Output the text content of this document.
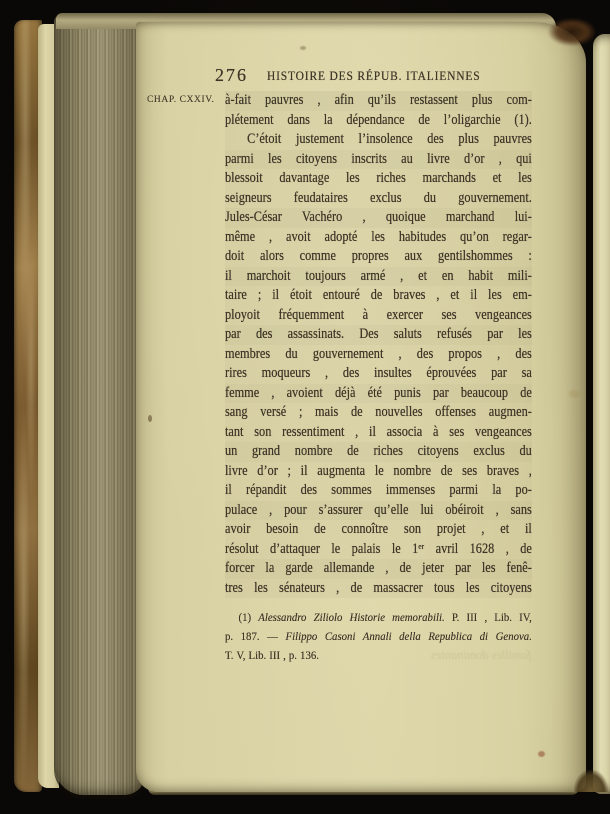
276 HISTOIRE DES RÉPUB. ITALIENNES
CHAP. CXXIV. à-fait pauvres , afin qu’ils restassent plus com-
plétement dans la dépendance de l’oligarchie (1).
C’étoit justement l’insolence des plus pauvres
parmi les citoyens inscrits au livre d’or , qui
blessoit davantage les riches marchands et les
seigneurs feudataires exclus du gouvernement.
Jules-César Vachéro , quoique marchand lui-
même , avoit adopté les habitudes qu’on regar-
doit alors comme propres aux gentilshommes :
il marchoit toujours armé , et en habit mili-
taire ; il étoit entouré de braves , et il les em-
ployoit fréquemment à exercer ses vengeances
par des assassinats. Des saluts refusés par les
membres du gouvernement , des propos , des
rires moqueurs , des insultes éprouvées par sa
femme , avoient déjà été punis par beaucoup de
sang versé ; mais de nouvelles offenses augmen-
tant son ressentiment , il associa à ses vengeances
un grand nombre de riches citoyens exclus du
livre d’or ; il augmenta le nombre de ses braves ,
il répandit des sommes immenses parmi la po-
pulace , pour s’assurer qu’elle lui obéiroit , sans
avoir besoin de connoître son projet , et il
résolut d’attaquer le palais le 1ᵉʳ avril 1628 , de
forcer la garde allemande , de jeter par les fenê-
tres les sénateurs , de massacrer tous les citoyens
(1) Alessandro Ziliolo Historie memorabili. P. III , Lib. IV,
p. 187. — Filippo Casoni Annali della Republica di Genova.
T. V, Lib. III , p. 136.	familles dominantes
